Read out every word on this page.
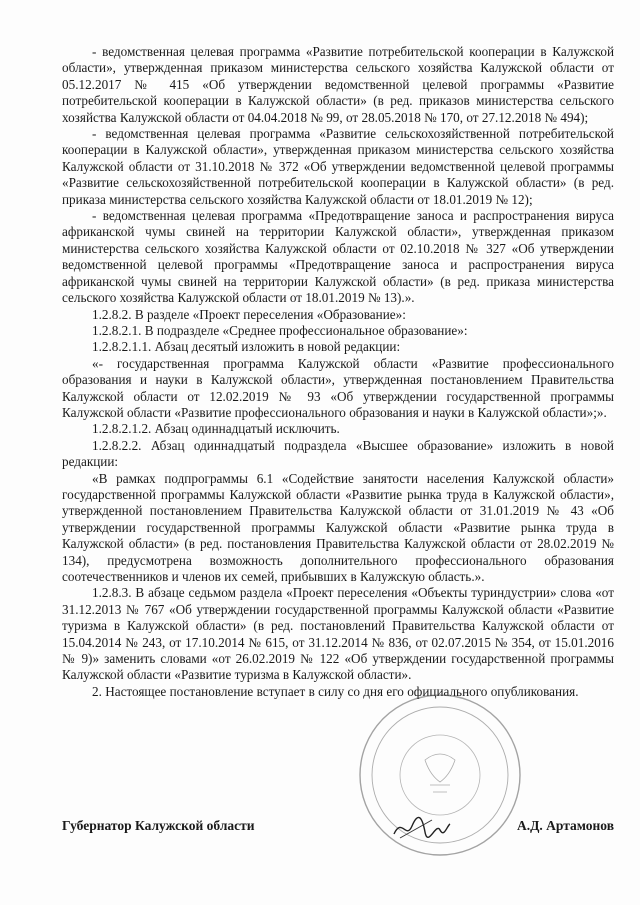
- ведомственная целевая программа «Развитие потребительской кооперации в Калужской области», утвержденная приказом министерства сельского хозяйства Калужской области от 05.12.2017 № 415 «Об утверждении ведомственной целевой программы «Развитие потребительской кооперации в Калужской области» (в ред. приказов министерства сельского хозяйства Калужской области от 04.04.2018 № 99, от 28.05.2018 № 170, от 27.12.2018 № 494);

- ведомственная целевая программа «Развитие сельскохозяйственной потребительской кооперации в Калужской области», утвержденная приказом министерства сельского хозяйства Калужской области от 31.10.2018 № 372 «Об утверждении ведомственной целевой программы «Развитие сельскохозяйственной потребительской кооперации в Калужской области» (в ред. приказа министерства сельского хозяйства Калужской области от 18.01.2019 № 12);

- ведомственная целевая программа «Предотвращение заноса и распространения вируса африканской чумы свиней на территории Калужской области», утвержденная приказом министерства сельского хозяйства Калужской области от 02.10.2018 № 327 «Об утверждении ведомственной целевой программы «Предотвращение заноса и распространения вируса африканской чумы свиней на территории Калужской области» (в ред. приказа министерства сельского хозяйства Калужской области от 18.01.2019 № 13).».

1.2.8.2. В разделе «Проект переселения «Образование»:

1.2.8.2.1. В подразделе «Среднее профессиональное образование»:

1.2.8.2.1.1. Абзац десятый изложить в новой редакции:

«- государственная программа Калужской области «Развитие профессионального образования и науки в Калужской области», утвержденная постановлением Правительства Калужской области от 12.02.2019 № 93 «Об утверждении государственной программы Калужской области «Развитие профессионального образования и науки в Калужской области»;».

1.2.8.2.1.2. Абзац одиннадцатый исключить.

1.2.8.2.2. Абзац одиннадцатый подраздела «Высшее образование» изложить в новой редакции:

«В рамках подпрограммы 6.1 «Содействие занятости населения Калужской области» государственной программы Калужской области «Развитие рынка труда в Калужской области», утвержденной постановлением Правительства Калужской области от 31.01.2019 № 43 «Об утверждении государственной программы Калужской области «Развитие рынка труда в Калужской области» (в ред. постановления Правительства Калужской области от 28.02.2019 № 134), предусмотрена возможность дополнительного профессионального образования соотечественников и членов их семей, прибывших в Калужскую область.».

1.2.8.3. В абзаце седьмом раздела «Проект переселения «Объекты туриндустрии» слова «от 31.12.2013 № 767 «Об утверждении государственной программы Калужской области «Развитие туризма в Калужской области» (в ред. постановлений Правительства Калужской области от 15.04.2014 № 243, от 17.10.2014 № 615, от 31.12.2014 № 836, от 02.07.2015 № 354, от 15.01.2016 № 9)» заменить словами «от 26.02.2019 № 122 «Об утверждении государственной программы Калужской области «Развитие туризма в Калужской области».

2. Настоящее постановление вступает в силу со дня его официального опубликования.

Губернатор Калужской области	А.Д. Артамонов
